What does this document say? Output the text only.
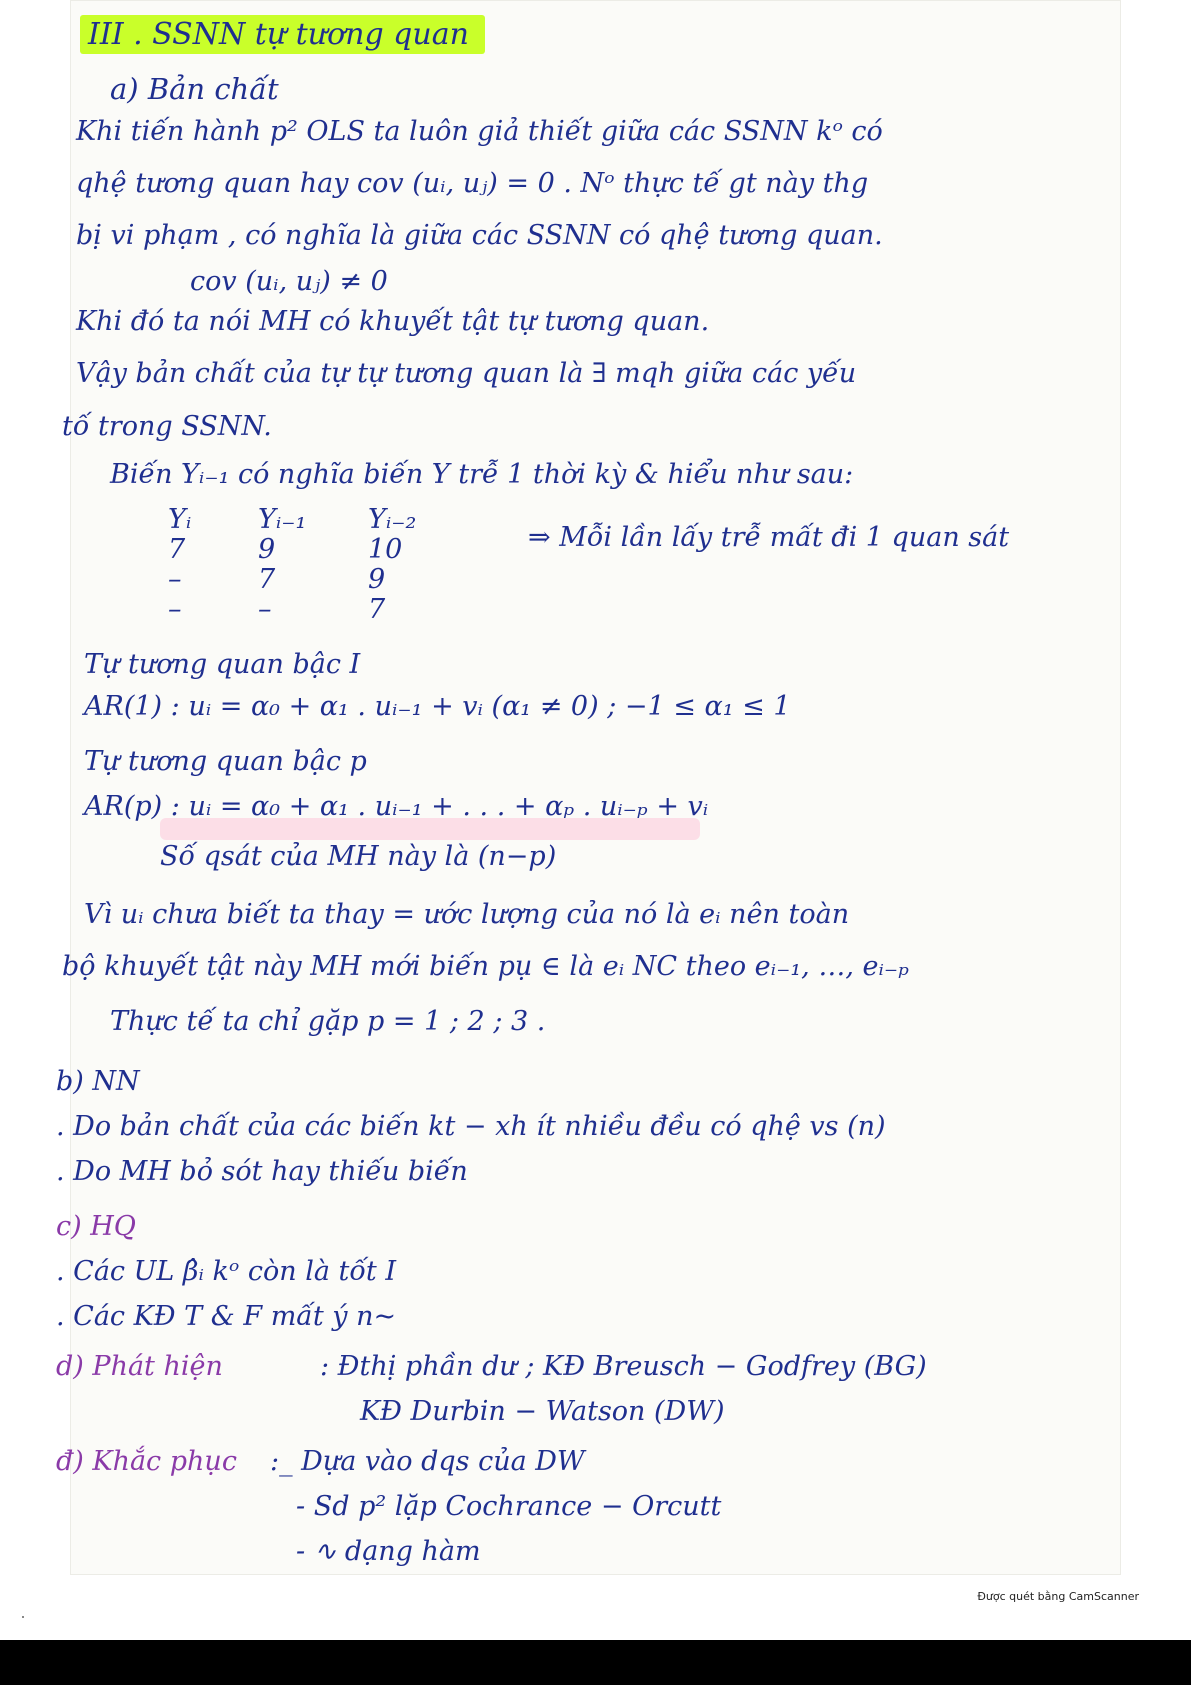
III . SSNN tự tương quan
a) Bản chất
Khi tiến hành p² OLS ta luôn giả thiết giữa các SSNN kᵒ có
qhệ tương quan hay cov (uᵢ, uⱼ) = 0 . Nᵒ thực tế gt này thg
bị vi phạm , có nghĩa là giữa các SSNN có qhệ tương quan.
cov (uᵢ, uⱼ) ≠ 0
Khi đó ta nói MH có khuyết tật tự tương quan.
Vậy bản chất của tự tự tương quan là ∃ mqh giữa các yếu
tố trong SSNN.
Biến Yᵢ₋₁ có nghĩa biến Y trễ 1 thời kỳ & hiểu như sau:
Yᵢ
7
–
–
Yᵢ₋₁
9
7
–
Yᵢ₋₂
10
9
7
⇒ Mỗi lần lấy trễ mất đi 1 quan sát
Tự tương quan bậc I
AR(1) : uᵢ = α₀ + α₁ . uᵢ₋₁ + vᵢ (α₁ ≠ 0) ; −1 ≤ α₁ ≤ 1
Tự tương quan bậc p
AR(p) : uᵢ = α₀ + α₁ . uᵢ₋₁ + . . . + αₚ . uᵢ₋ₚ + vᵢ
Số qsát của MH này là (n−p)
Vì uᵢ chưa biết ta thay = ước lượng của nó là eᵢ nên toàn
bộ khuyết tật này MH mới biến pụ ∈ là eᵢ NC theo eᵢ₋₁, …, eᵢ₋ₚ
Thực tế ta chỉ gặp p = 1 ; 2 ; 3 .
b) NN
. Do bản chất của các biến kt − xh ít nhiều đều có qhệ vs (n)
. Do MH bỏ sót hay thiếu biến
c) HQ
. Các UL β̂ᵢ kᵒ còn là tốt I
. Các KĐ T & F mất ý n~
d) Phát hiện	: Đthị phần dư ; KĐ Breusch − Godfrey (BG)
KĐ Durbin − Watson (DW)
đ) Khắc phục :_ Dựa vào dqs của DW
- Sd p² lặp Cochrance − Orcutt
- ∿ dạng hàm
Được quét bằng CamScanner
